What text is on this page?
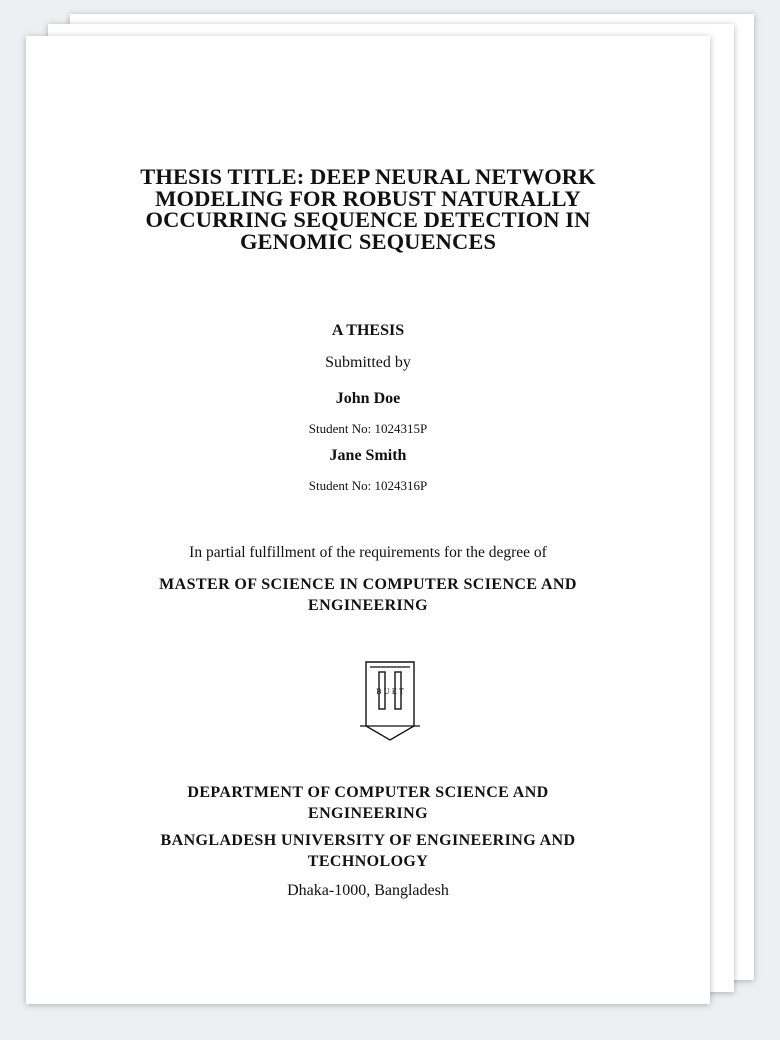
THESIS TITLE: DEEP NEURAL NETWORK MODELING FOR ROBUST NATURALLY OCCURRING SEQUENCE DETECTION IN GENOMIC SEQUENCES
A THESIS
Submitted by
John Doe
Student No: 1024315P
Jane Smith
Student No: 1024316P
In partial fulfillment of the requirements for the degree of
MASTER OF SCIENCE IN COMPUTER SCIENCE AND ENGINEERING
B U E T
DEPARTMENT OF COMPUTER SCIENCE AND ENGINEERING
BANGLADESH UNIVERSITY OF ENGINEERING AND TECHNOLOGY
Dhaka-1000, Bangladesh
